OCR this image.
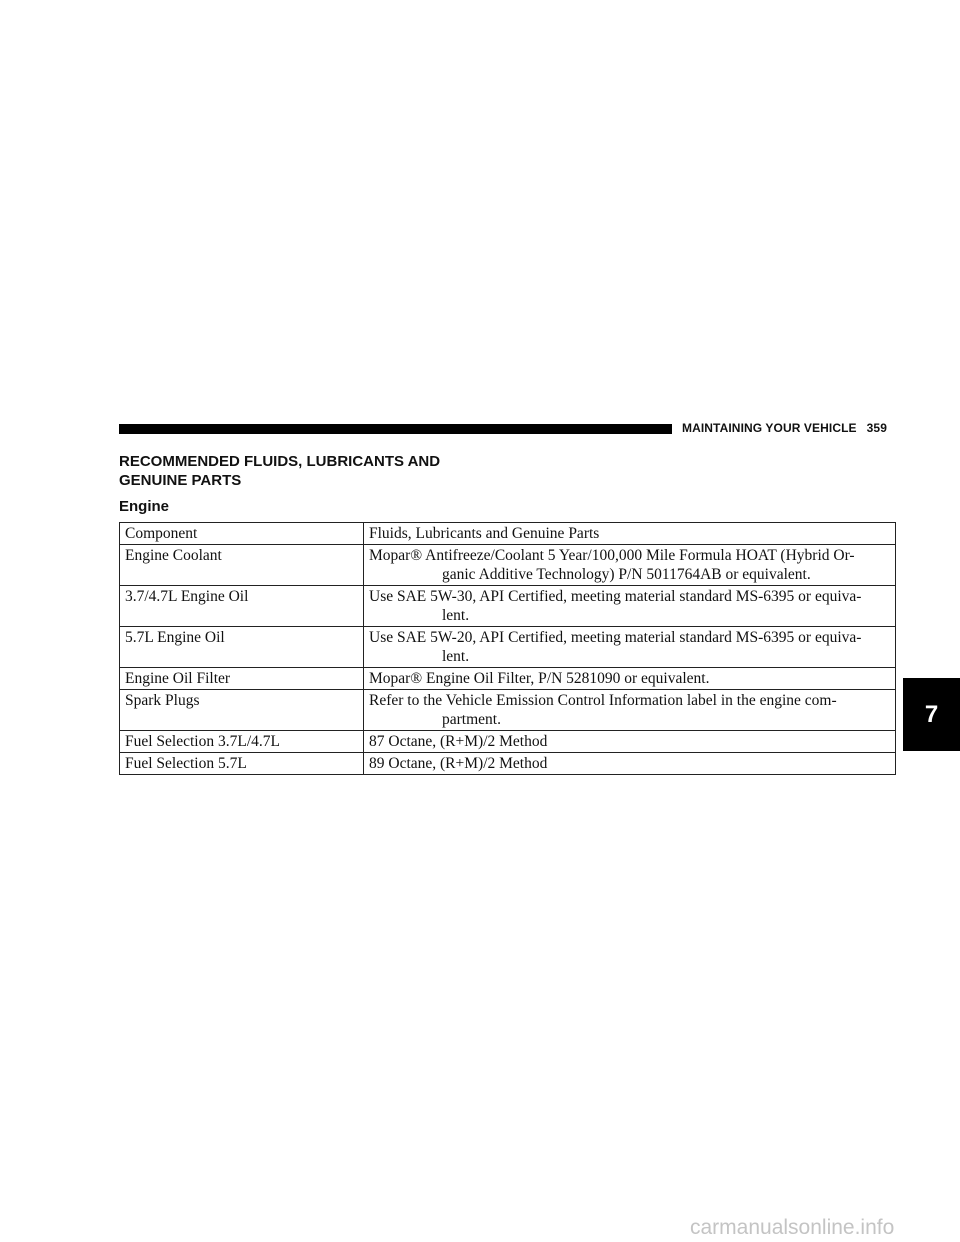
MAINTAINING YOUR VEHICLE 359
RECOMMENDED FLUIDS, LUBRICANTS AND
GENUINE PARTS
Engine
Component	Fluids, Lubricants and Genuine Parts
Engine Coolant	Mopar® Antifreeze/Coolant 5 Year/100,000 Mile Formula HOAT (Hybrid Or-
ganic Additive Technology) P/N 5011764AB or equivalent.

3.7/4.7L Engine Oil	Use SAE 5W-30, API Certified, meeting material standard MS-6395 or equiva-
lent.

5.7L Engine Oil	Use SAE 5W-20, API Certified, meeting material standard MS-6395 or equiva-
lent.

Engine Oil Filter	Mopar® Engine Oil Filter, P/N 5281090 or equivalent.

Spark Plugs	Refer to the Vehicle Emission Control Information label in the engine com-
partment.

Fuel Selection 3.7L/4.7L	87 Octane, (R+M)/2 Method

Fuel Selection 5.7L	89 Octane, (R+M)/2 Method
7
carmanualsonline.info
